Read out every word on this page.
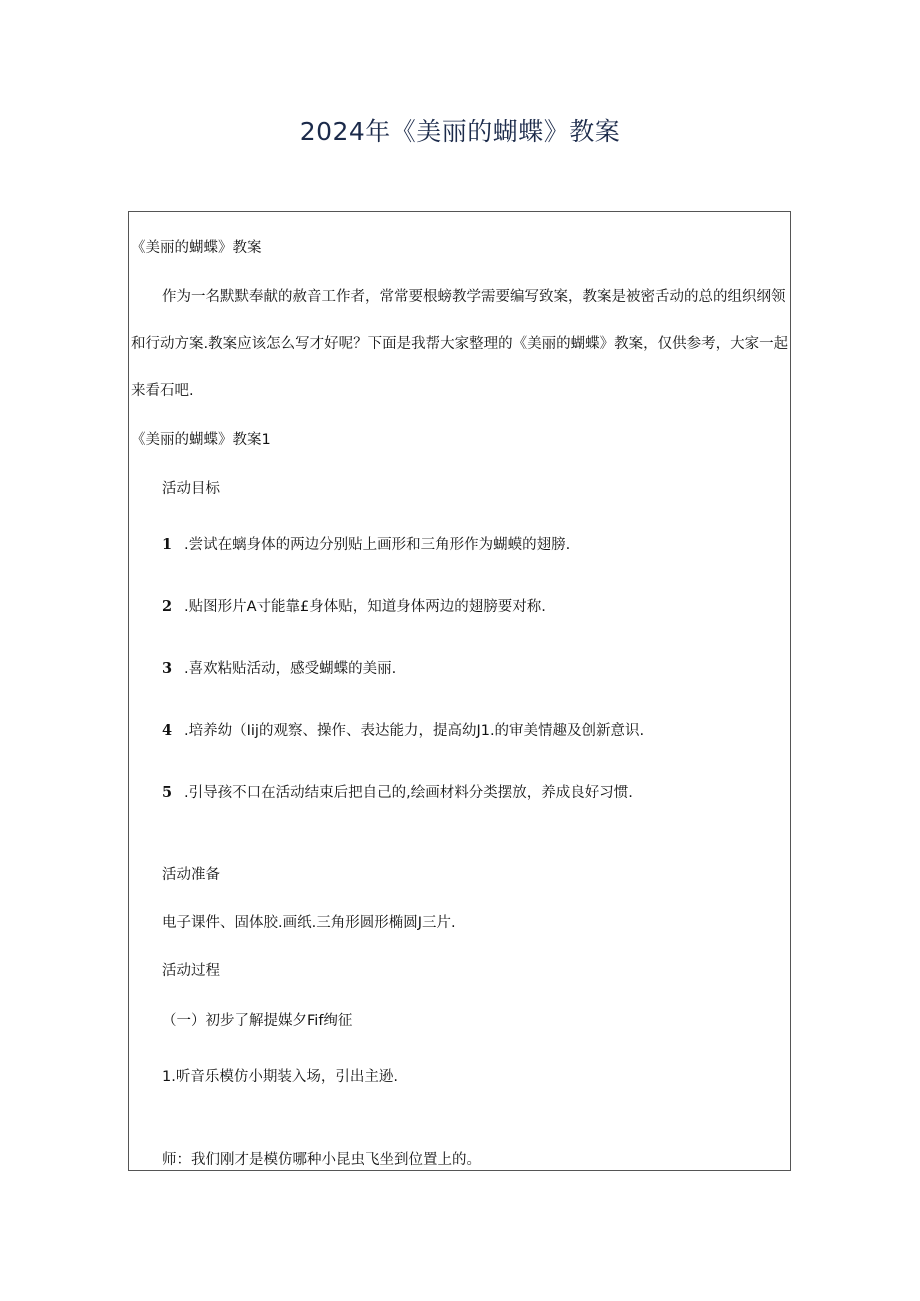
2024年《美丽的蝴蝶》教案
《美丽的蝴蝶》教案
作为一名默默奉献的赦音工作者，常常要根螃教学需要编写致案，教案是被密舌动的总的组织纲领
和行动方案.教案应该怎么写才好呢？下面是我帮大家整理的《美丽的蝴蝶》教案，仅供参考，大家一起
来看石吧.
《美丽的蝴蝶》教案1
活动目标
1 .尝试在螭身体的两边分别贴上画形和三角形作为蝴蟆的翅膀.
2 .贴图形片A寸能靠£身体贴，知道身体两边的翅膀要对称.
3 .喜欢粘贴活动，感受蝴蝶的美丽.
4 .培养幼（Iij的观察、操作、表达能力，提高幼J1.的审美情趣及创新意识.
5 .引导孩不口在活动结束后把自己的,绘画材料分类摆放，养成良好习惯.
活动准备
电子课件、固体胶.画纸.三角形圆形椭圆J三片.
活动过程
（一）初步了解提媒夕Fif绚征
1.听音乐模仿小期装入场，引出主逊.
师：我们刚才是模仿哪种小昆虫飞坐到位置上的。
